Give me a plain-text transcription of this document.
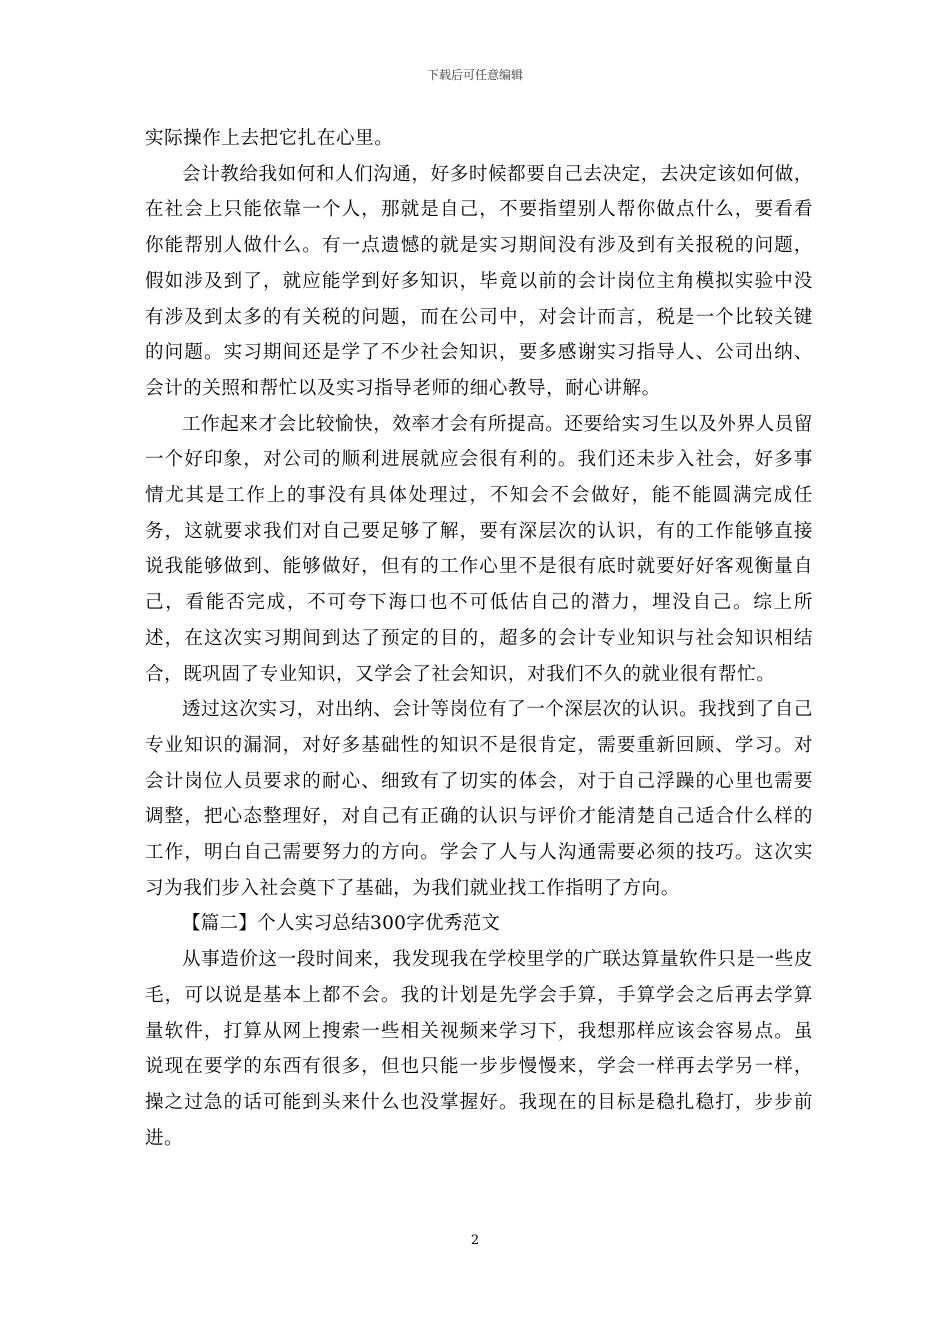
下载后可任意编辑

实际操作上去把它扎在心里。

会计教给我如何和人们沟通，好多时候都要自己去决定，去决定该如何做，在社会上只能依靠一个人，那就是自己，不要指望别人帮你做点什么，要看看你能帮别人做什么。有一点遗憾的就是实习期间没有涉及到有关报税的问题，假如涉及到了，就应能学到好多知识，毕竟以前的会计岗位主角模拟实验中没有涉及到太多的有关税的问题，而在公司中，对会计而言，税是一个比较关键的问题。实习期间还是学了不少社会知识，要多感谢实习指导人、公司出纳、会计的关照和帮忙以及实习指导老师的细心教导，耐心讲解。

工作起来才会比较愉快，效率才会有所提高。还要给实习生以及外界人员留一个好印象，对公司的顺利进展就应会很有利的。我们还未步入社会，好多事情尤其是工作上的事没有具体处理过，不知会不会做好，能不能圆满完成任务，这就要求我们对自己要足够了解，要有深层次的认识，有的工作能够直接说我能够做到、能够做好，但有的工作心里不是很有底时就要好好客观衡量自己，看能否完成，不可夸下海口也不可低估自己的潜力，埋没自己。综上所述，在这次实习期间到达了预定的目的，超多的会计专业知识与社会知识相结合，既巩固了专业知识，又学会了社会知识，对我们不久的就业很有帮忙。

透过这次实习，对出纳、会计等岗位有了一个深层次的认识。我找到了自己专业知识的漏洞，对好多基础性的知识不是很肯定，需要重新回顾、学习。对会计岗位人员要求的耐心、细致有了切实的体会，对于自己浮躁的心里也需要调整，把心态整理好，对自己有正确的认识与评价才能清楚自己适合什么样的工作，明白自己需要努力的方向。学会了人与人沟通需要必须的技巧。这次实习为我们步入社会奠下了基础，为我们就业找工作指明了方向。

【篇二】个人实习总结300字优秀范文

从事造价这一段时间来，我发现我在学校里学的广联达算量软件只是一些皮毛，可以说是基本上都不会。我的计划是先学会手算，手算学会之后再去学算量软件，打算从网上搜索一些相关视频来学习下，我想那样应该会容易点。虽说现在要学的东西有很多，但也只能一步步慢慢来，学会一样再去学另一样，操之过急的话可能到头来什么也没掌握好。我现在的目标是稳扎稳打，步步前进。

2
